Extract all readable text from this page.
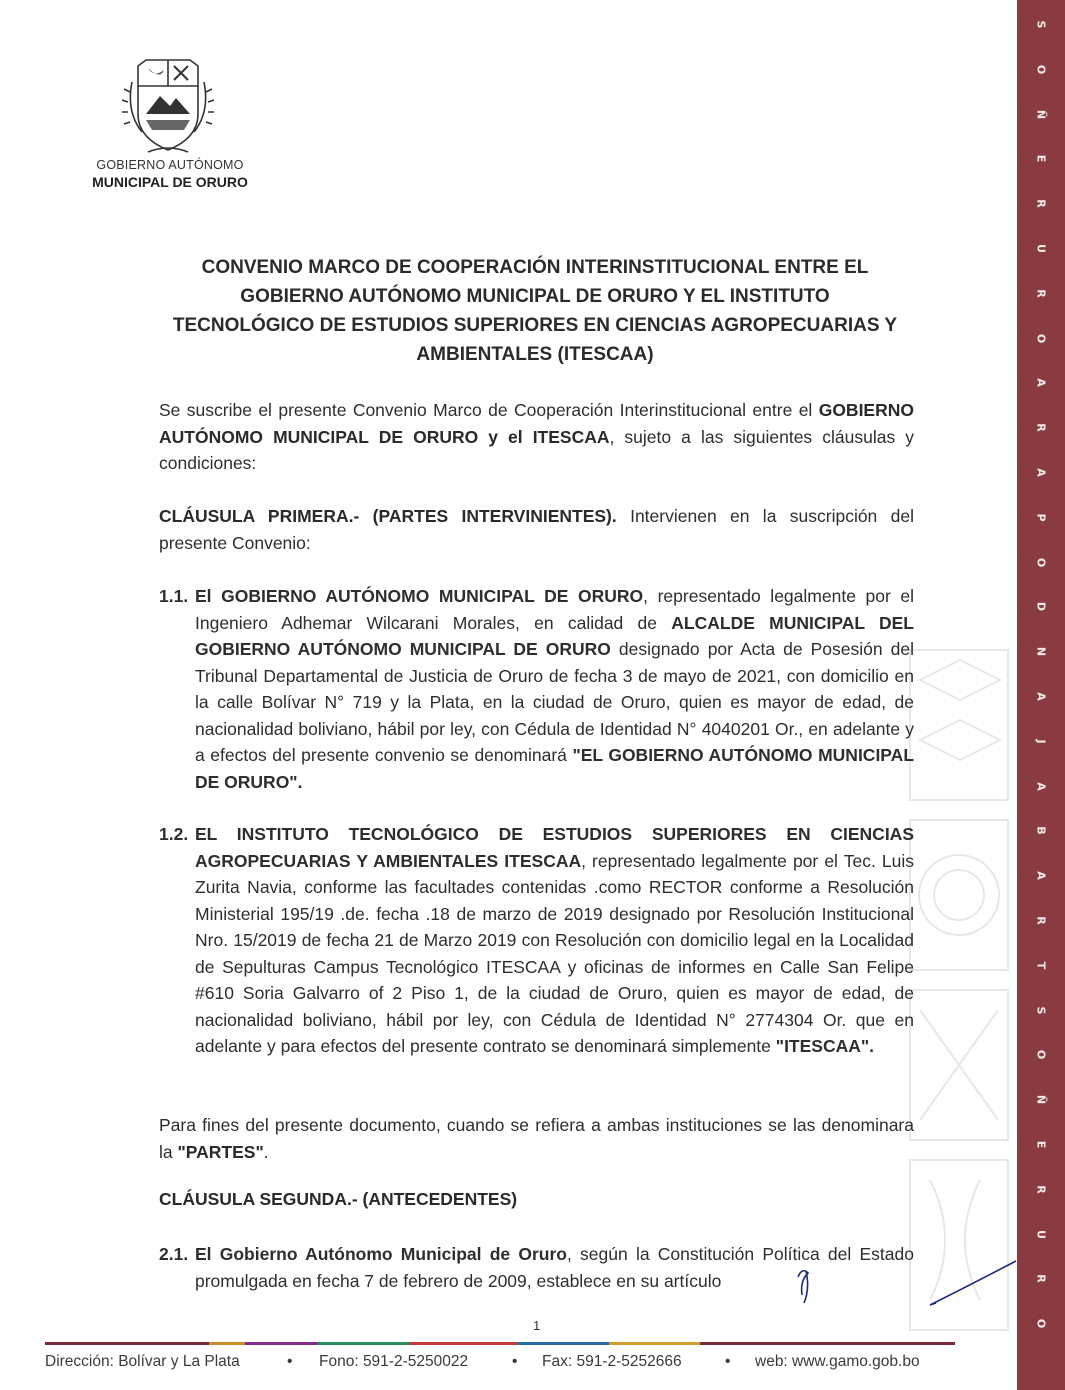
S
O
Ñ
E
R
U
R
O
A
R
A
P
O
D
N
A
J
A
B
A
R
T
S
O
Ñ
E
R
U
R
O
GOBIERNO AUTÓNOMO
MUNICIPAL DE ORURO
CONVENIO MARCO DE COOPERACIÓN INTERINSTITUCIONAL ENTRE EL
GOBIERNO AUTÓNOMO MUNICIPAL DE ORURO Y EL INSTITUTO
TECNOLÓGICO DE ESTUDIOS SUPERIORES EN CIENCIAS AGROPECUARIAS Y
AMBIENTALES (ITESCAA)

Se suscribe el presente Convenio Marco de Cooperación Interinstitucional entre el GOBIERNO AUTÓNOMO MUNICIPAL DE ORURO y el ITESCAA, sujeto a las siguientes cláusulas y condiciones:

CLÁUSULA PRIMERA.- (PARTES INTERVINIENTES). Intervienen en la suscripción del presente Convenio:

1.1. El GOBIERNO AUTÓNOMO MUNICIPAL DE ORURO, representado legalmente por el Ingeniero Adhemar Wilcarani Morales, en calidad de ALCALDE MUNICIPAL DEL GOBIERNO AUTÓNOMO MUNICIPAL DE ORURO designado por Acta de Posesión del Tribunal Departamental de Justicia de Oruro de fecha 3 de mayo de 2021, con domicilio en la calle Bolívar N° 719 y la Plata, en la ciudad de Oruro, quien es mayor de edad, de nacionalidad boliviano, hábil por ley, con Cédula de Identidad N° 4040201 Or., en adelante y a efectos del presente convenio se denominará "EL GOBIERNO AUTÓNOMO MUNICIPAL DE ORURO".
1.2. EL INSTITUTO TECNOLÓGICO DE ESTUDIOS SUPERIORES EN CIENCIAS AGROPECUARIAS Y AMBIENTALES ITESCAA, representado legalmente por el Tec. Luis Zurita Navia, conforme las facultades contenidas .como RECTOR conforme a Resolución Ministerial 195/19 .de. fecha .18 de marzo de 2019 designado por Resolución Institucional Nro. 15/2019 de fecha 21 de Marzo 2019 con Resolución con domicilio legal en la Localidad de Sepulturas Campus Tecnológico ITESCAA y oficinas de informes en Calle San Felipe #610 Soria Galvarro of 2 Piso 1, de la ciudad de Oruro, quien es mayor de edad, de nacionalidad boliviano, hábil por ley, con Cédula de Identidad N° 2774304 Or. que en adelante y para efectos del presente contrato se denominará simplemente "ITESCAA".

Para fines del presente documento, cuando se refiera a ambas instituciones se las denominara la "PARTES".

CLÁUSULA SEGUNDA.- (ANTECEDENTES)
2.1. El Gobierno Autónomo Municipal de Oruro, según la Constitución Política del Estado promulgada en fecha 7 de febrero de 2009, establece en su artículo
1
Dirección: Bolívar y La Plata	• Fono: 591-2-5250022	• Fax: 591-2-5252666	• web: www.gamo.gob.bo
